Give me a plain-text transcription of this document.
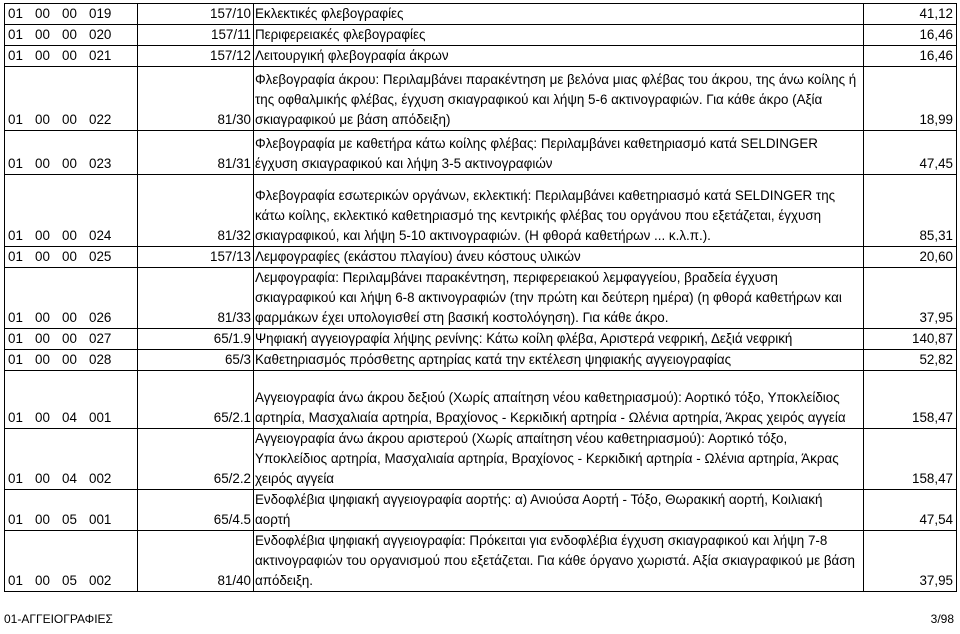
01 00 00 019	157/10	Εκλεκτικές φλεβογραφίες	41,12
01 00 00 020	157/11	Περιφερειακές φλεβογραφίες	16,46
01 00 00 021	157/12	Λειτουργική φλεβογραφία άκρων	16,46
01 00 00 022	81/30	Φλεβογραφία άκρου: Περιλαμβάνει παρακέντηση με βελόνα μιας φλέβας του άκρου, της άνω κοίλης ή της οφθαλμικής φλέβας, έγχυση σκιαγραφικού και λήψη 5-6 ακτινογραφιών. Για κάθε άκρο (Αξία σκιαγραφικού με βάση απόδειξη)	18,99
01 00 00 023	81/31	Φλεβογραφία με καθετήρα κάτω κοίλης φλέβας: Περιλαμβάνει καθετηριασμό κατά SELDINGER έγχυση σκιαγραφικού και λήψη 3-5 ακτινογραφιών	47,45
01 00 00 024	81/32	Φλεβογραφία εσωτερικών οργάνων, εκλεκτική: Περιλαμβάνει καθετηριασμό κατά SELDINGER της κάτω κοίλης, εκλεκτικό καθετηριασμό της κεντρικής φλέβας του οργάνου που εξετάζεται, έγχυση σκιαγραφικού, και λήψη 5-10 ακτινογραφιών. (Η φθορά καθετήρων ... κ.λ.π.).	85,31
01 00 00 025	157/13	Λεμφογραφίες (εκάστου πλαγίου) άνευ κόστους υλικών	20,60
01 00 00 026	81/33	Λεμφογραφία: Περιλαμβάνει παρακέντηση, περιφερειακού λεμφαγγείου, βραδεία έγχυση σκιαγραφικού και λήψη 6-8 ακτινογραφιών (την πρώτη και δεύτερη ημέρα) (η φθορά καθετήρων και φαρμάκων έχει υπολογισθεί στη βασική κοστολόγηση). Για κάθε άκρο.	37,95
01 00 00 027	65/1.9	Ψηφιακή αγγειογραφία λήψης ρενίνης: Κάτω κοίλη φλέβα, Αριστερά νεφρική, Δεξιά νεφρική	140,87
01 00 00 028	65/3	Καθετηριασμός πρόσθετης αρτηρίας κατά την εκτέλεση ψηφιακής αγγειογραφίας	52,82
01 00 04 001	65/2.1	Αγγειογραφία άνω άκρου δεξιού (Χωρίς απαίτηση νέου καθετηριασμού): Αορτικό τόξο, Υποκλείδιος αρτηρία, Μασχαλιαία αρτηρία, Βραχίονος - Κερκιδική αρτηρία - Ωλένια αρτηρία, Άκρας χειρός αγγεία	158,47
01 00 04 002	65/2.2	Αγγειογραφία άνω άκρου αριστερού (Χωρίς απαίτηση νέου καθετηριασμού): Αορτικό τόξο, Υποκλείδιος αρτηρία, Μασχαλιαία αρτηρία, Βραχίονος - Κερκιδική αρτηρία - Ωλένια αρτηρία, Άκρας χειρός αγγεία	158,47
01 00 05 001	65/4.5	Ενδοφλέβια ψηφιακή αγγειογραφία αορτής: α) Ανιούσα Αορτή - Τόξο, Θωρακική αορτή, Κοιλιακή αορτή	47,54
01 00 05 002	81/40	Ενδοφλέβια ψηφιακή αγγειογραφία: Πρόκειται για ενδοφλέβια έγχυση σκιαγραφικού και λήψη 7-8 ακτινογραφιών του οργανισμού που εξετάζεται. Για κάθε όργανο χωριστά. Αξία σκιαγραφικού με βάση απόδειξη.	37,95
01-ΑΓΓΕΙΟΓΡΑΦΙΕΣ	3/98
